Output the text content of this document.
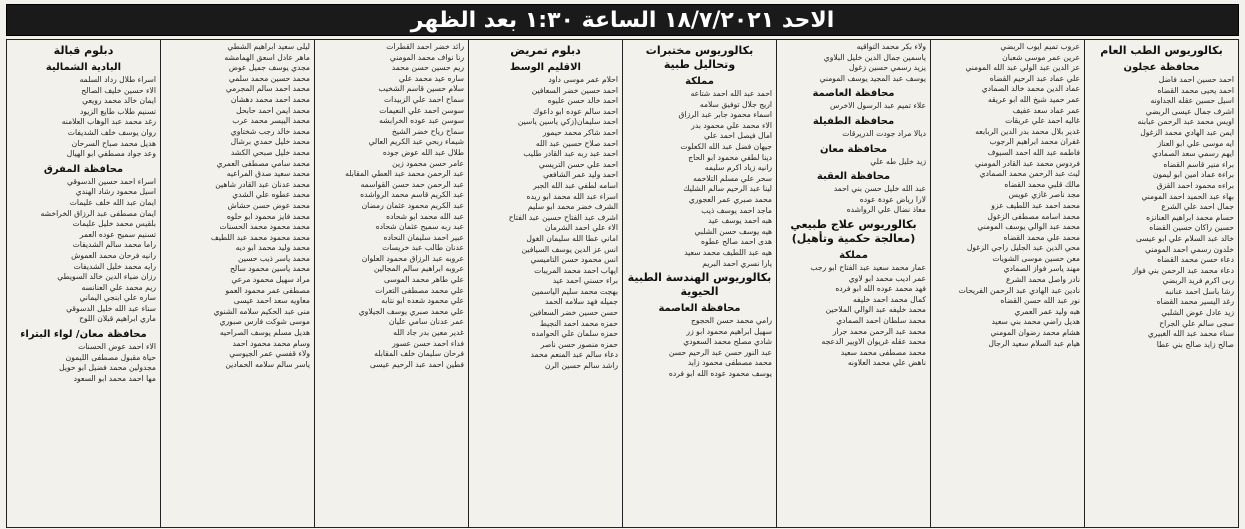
الاحد ١٨/٧/٢٠٢١ الساعة ١:٣٠ بعد الظهر
بكالوريوس الطب العام
محافظة عجلون
احمد حسين احمد فاضل
احمد يحيى محمد القضاه
اسيل حسين عقله الجداونه
اشرف جمال عيسى الربضي
اويس محمد عبد الرحمن عبابنه
ايمن عبد الهادي محمد الزغول
ايه موسى علي ابو العناز
ايهم رسمي سعد الصمادي
براء منير قاسم القضاه
براءة عماد امين ابو ليمون
براءه محمود احمد القزق
بهاء عبد الحميد احمد المومني
جمال احمد علي الشرع
حسام محمد ابراهيم العنانزه
حسين راكان حسين القضاه
خالد عبد السلام علي ابو عيسى
خلدون رسمي احمد المومني
دعاء حسن محمد القضاه
دعاء محمد عبد الرحمن بني فواز
ربى اكرم فريد الربضي
رشا باسل احمد عنانبه
رغد اليسير محمد القضاه
زيد عادل عوض الشلبي
سجى سالم علي الجراح
سناء محمد عبد الله الغبيري
صالح زايد صالح بني عطا
عروب تميم ايوب الربضي
عرين عمر موسى شعبان
عز الدين عبد الولي عبد الله المومني
علي عماد عبد الرحيم القضاه
عماد الدين محمد خالد الصمادي
عمر حميد شيخ الله ابو عريقه
عمر عماد سعد عفيف
غاليه احمد علي عريقات
غدير بلال محمد بدر الدين الربابعه
غفران محمد ابراهيم الرجوب
فاطمه عبد الله احمد السيوف
فردوس محمد عبد القادر المومني
ليث عبد الرحمن محمد الصمادي
مالك قلبي محمد القضاه
مجد ناصر غازي عويس
محمد احمد عبد اللطيف عزو
محمد اسامه مصطفى الزغول
محمد عبد الوالي يوسف المومني
محمد علي محمد القضاه
محي الدين عبد الجليل راجي الزغول
معن حسين موسى الشويات
مهند ياسر فواز الصمادي
نادر واصل محمد الشرع
نادين عبد الهادي عبد الرحمن الفريحات
نور عبد الله حسن القضاه
هبه وليد عمر العمري
هديل راضي محمد بني سعيد
هشام محمد رضوان المومني
هيام عبد السلام سعيد الرجال
ولاء بكر محمد التواقيه
ياسمين جمال الدين خليل البلاوي
يزيد رسمي حسين زغول
يوسف عبد المجيد يوسف المومني
محافظة العاصمة
علاء تميم عبد الرسول الاخرس
محافظة الطفيلة
ديالا مراد جودت الدريرقات
محافظة معان
زيد خليل طه علي
محافظة العقبة
عبد الله خليل حسن بني احمد
لارا رياض عودة عوده
معاذ نضال علي الرواشده
بكالوريوس علاج طبيعي (معالجة حكمية وتأهيل)
مملكة
عمار محمد سعيد عبد الفتاح ابو رجب
عمر اديب محمد ابو لاوي
فهد محمد عوده الله ابو فرده
كمال محمد احمد خليفه
محمد خليفه عبد الوالي الملاحين
محمد سلطان احمد الصمادي
محمد عبد الرحمن محمد جرار
محمد عقله غريوان الاويير الدعجه
محمد مصطفى محمد سعيد
ناهض علي محمد العلاونه
بكالوريوس مختبرات وتحاليل طبية
مملكة
احمد عبد الله احمد شتاعه
اريج جلال توفيق سلامه
اسماء محمود جابر عبد الرزاق
الاء محمد علي محمود بدر
امال فيصل احمد علي
جيهان فضل عبد الله الكعلوت
دينا لطفي محمود ابو الحاج
رانيه زياد اكرم سليمه
سحر علي مسلم التلاحمه
لينا عبد الرحيم سالم الشليك
محمد صبري عمر العجوري
ماجد احمد يوسف ذيب
هبه احمد يوسف عيد
هيه يوسف حسن الشلبي
هدى احمد صالح عطوه
هيه عبد اللطيف محمد سعيد
يارا نسري احمد البريم
بكالوريوس الهندسة الطبية الحيوية
محافظة العاصمة
رامي محمد حسن الحجوج
سهيل ابراهيم محمود ابو زر
شادي مصلح محمد السعودي
عبد النور حسن عبد الرحيم حسن
محمد مصطفى محمود زايد
يوسف محمود عوده الله ابو فرده
دبلوم تمريض
الاقليم الوسط
احلام عمر موسى داود
احمد حسين خضر السعافين
احمد خالد حسن عليوه
احمد سالم عوده ابو داعوك
احمد سليمان(زكي ياسين ياسين
احمد شاكر محمد حيمور
احمد صلاح حسين عبد الله
احمد عبد ربه عبد القادر طليب
احمد علي حسن التريسي
احمد وليد عمر الشافعي
اسامه لطفي عبد الله الجبر
اسراء عبد الله محمد ابو ريده
الشرف خضر محمد ابو سليم
اشرف عبد الفتاح حسين عبد الفتاح
الاء علي احمد الشرمان
اماني عطا الله سليمان الغول
انس عز الدين يوسف السيافين
انس محمود حسن التاميسي
ايهاب احمد محمد المريبات
براء حسني احمد عيد
بهجت محمد سليم الياسمين
جميله فهد سلامه الحمد
حسن حسين خضر السعافين
حمزه محمد احمد النجيط
حمزه سلمان علي الحوامده
حمزه منصور حسن ناصر
دعاء سالم عبد المنعم محمد
راشد سالم حسين الرن
رائد خضر احمد القطرات
رنا نواف محمد المومني
ريم حسين حسن محمد
ساره عيد محمد علي
سلام حسين قاسم الشخيب
سماح احمد علي الزبيدات
سوسن احمد علي النعيمات
سوسن عبد عوده الخرابشه
سماح رياح خضر الشيخ
شيماء ربحي عبد الكريم العالي
طلال عبد الله عوض جوده
عامر حسن محمود زين
عبد الرحمن محمد عبد العطي المقابله
عبد الرحمن حمد حسن القواسمه
عبد الكريم قاسم محمد الرواشده
عبد الكريم محمود عثمان رمضان
عبد الله محمد ابو شحاده
عبد ربه سميح عثمان شحاده
عبير احمد سليمان النحاده
عدنان طالب عبد خريسات
عروبه عبد الرزاق محمود العلوان
عروبه ابراهيم سالم المجالين
علي طاهر محمد الموسى
علي محمد مصطفى التعرات
علي محمود شعده ابو نتابه
علي محمد صبري يوسف الجيلاوي
عمر عدنان سامي عليان
غدير معين بدر جاد الله
فداء احمد حسن عسور
فرحان سليمان خلف المقابله
فطين احمد عبد الرحيم عيسى
ليلى سعيد ابراهيم الشطي
ماهر عادل اسعق الهمامشه
مجدي يوسف جميل عوض
محمد حسين محمد سلمي
محمد احمد سالم المجرمي
محمد احمد محمد دهشان
محمد ايمن احمد حابحل
محمد الييسر محمد عرب
محمد خالد رجب شختاوي
محمد خليل حمدي برشال
محمد خليل صبحي الكشد
محمد سامي مصطفى العمري
محمد سعيد صدق المراعيه
محمد عدنان عبد القادر شاهين
محمد عطوه علي الشدي
محمد عوض حسن حشاش
محمد فايز محمود ابو حلوه
محمد محمود محمد الحسنات
محمد محمود محمد عبد اللطيف
محمد وليد محمد ابو ديه
محمد ياسر ذيب حسين
محمد ياسين محمود سالح
مراد سهيل محمود مرعي
مصطفى عمر محمود العمو
معاويه سعد احمد عيسى
منى عبد الحكيم سلامه الشنوي
موسى شوكت فارس صبوري
هديل مسلم يوسف الصراحيه
وسام محمد محمود احمد
ولاء قفسي عمر الجيوسي
ياسر سالم سلامه الحمادين
دبلوم قبالة
البادية الشمالية
اسراء طلال رداد السلمه
الاء حسين خليف الصالح
ايمان خالد محمد رويعي
تسنيم طلاب طايع الزيود
رغد محمد عبد الوهاب العلامنه
روان يوسف خلف الشديفات
هديل محمد صباح السرحان
وعد جواد مصطفي ابو الهيال
محافظة المفرق
اسراء احمد حسين الدسوقي
اسيل محمود رشاد الهندي
ايمان عبد الله خلف عليمات
ايمان مصطفى عبد الرزاق الخراخشه
بلقيس محمد خليل عليمات
تسنيم سميح عوده العمر
راما محمد سالم الشديفات
رانيه فرحان محمد العموش
رايه محمد خليل الشديفات
رزان ضياء الدين خالد السويطي
ريم محمد علي العنانسه
ساره علي ابنجي اليماني
سناء عبد الله خليل الدسوقي
ماري ابراهيم قبلان اللوح
محافظة معان/ لواء البتراء
الاء احمد عوض الحسنات
حياة مقبول مصطفى الليمون
مجدولين محمد فضيل ابو حويل
مها احمد محمد ابو السعود
